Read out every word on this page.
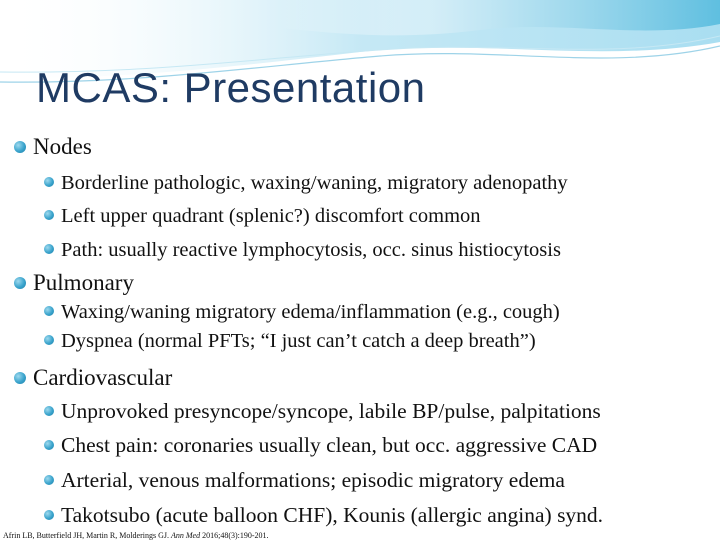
MCAS: Presentation
Nodes
Borderline pathologic, waxing/waning, migratory adenopathy
Left upper quadrant (splenic?) discomfort common
Path: usually reactive lymphocytosis, occ. sinus histiocytosis
Pulmonary
Waxing/waning migratory edema/inflammation (e.g., cough)
Dyspnea (normal PFTs; “I just can’t catch a deep breath”)
Cardiovascular
Unprovoked presyncope/syncope, labile BP/pulse, palpitations
Chest pain: coronaries usually clean, but occ. aggressive CAD
Arterial, venous malformations; episodic migratory edema
Takotsubo (acute balloon CHF), Kounis (allergic angina) synd.
Afrin LB, Butterfield JH, Martin R, Molderings GJ. Ann Med 2016;48(3):190-201.
